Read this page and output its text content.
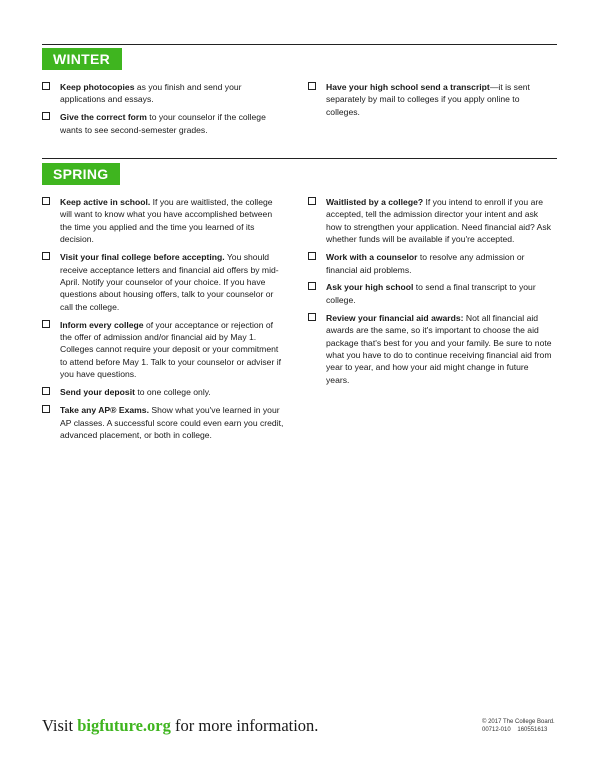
WINTER
Keep photocopies as you finish and send your applications and essays.
Give the correct form to your counselor if the college wants to see second-semester grades.
Have your high school send a transcript—it is sent separately by mail to colleges if you apply online to colleges.
SPRING
Keep active in school. If you are waitlisted, the college will want to know what you have accomplished between the time you applied and the time you learned of its decision.
Visit your final college before accepting. You should receive acceptance letters and financial aid offers by mid-April. Notify your counselor of your choice. If you have questions about housing offers, talk to your counselor or call the college.
Inform every college of your acceptance or rejection of the offer of admission and/or financial aid by May 1. Colleges cannot require your deposit or your commitment to attend before May 1. Talk to your counselor or adviser if you have questions.
Send your deposit to one college only.
Take any AP® Exams. Show what you've learned in your AP classes. A successful score could even earn you credit, advanced placement, or both in college.
Waitlisted by a college? If you intend to enroll if you are accepted, tell the admission director your intent and ask how to strengthen your application. Need financial aid? Ask whether funds will be available if you're accepted.
Work with a counselor to resolve any admission or financial aid problems.
Ask your high school to send a final transcript to your college.
Review your financial aid awards: Not all financial aid awards are the same, so it's important to choose the aid package that's best for you and your family. Be sure to note what you have to do to continue receiving financial aid from year to year, and how your aid might change in future years.
Visit bigfuture.org for more information.	© 2017 The College Board.
00712-010    160551613
